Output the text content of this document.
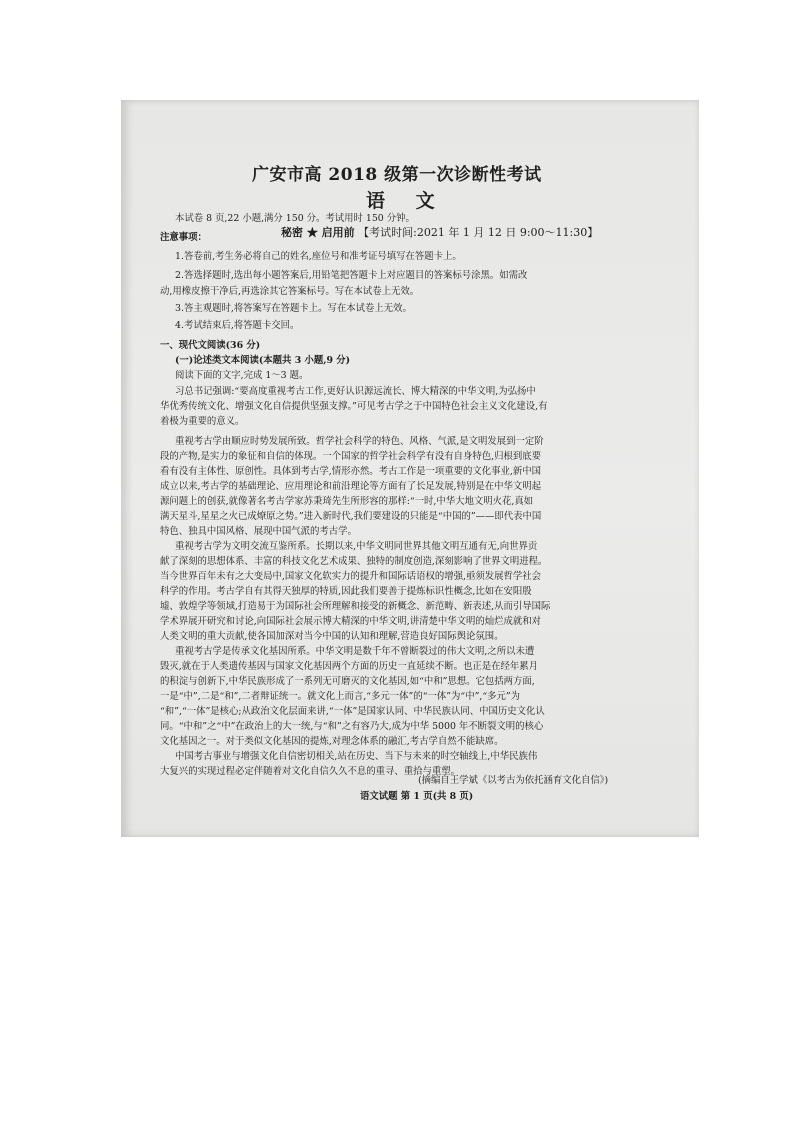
秘密 ★ 启用前 【考试时间:2021 年 1 月 12 日 9:00～11:30】
广安市高 2018 级第一次诊断性考试
语 文
本试卷 8 页,22 小题,满分 150 分。考试用时 150 分钟。
注意事项：
1.答卷前,考生务必将自己的姓名,座位号和准考证号填写在答题卡上。
2.答选择题时,选出每小题答案后,用铅笔把答题卡上对应题目的答案标号涂黑。如需改
动,用橡皮擦干净后,再选涂其它答案标号。写在本试卷上无效。
3.答主观题时,将答案写在答题卡上。写在本试卷上无效。
4.考试结束后,将答题卡交回。
一、现代文阅读(36 分)
(一)论述类文本阅读(本题共 3 小题,9 分)
阅读下面的文字,完成 1～3 题。
习总书记强调:“要高度重视考古工作,更好认识源远流长、博大精深的中华文明,为弘扬中
华优秀传统文化、增强文化自信提供坚强支撑。”可见考古学之于中国特色社会主义文化建设,有
着极为重要的意义。
重视考古学由顺应时势发展所致。哲学社会科学的特色、风格、气派,是文明发展到一定阶
段的产物,是实力的象征和自信的体现。一个国家的哲学社会科学有没有自身特色,归根到底要
看有没有主体性、原创性。具体到考古学,情形亦然。考古工作是一项重要的文化事业,新中国
成立以来,考古学的基础理论、应用理论和前沿理论等方面有了长足发展,特别是在中华文明起
源问题上的创获,就像著名考古学家苏秉琦先生所形容的那样:“一时,中华大地文明火花,真如
满天星斗,星星之火已成燎原之势。”进入新时代,我们要建设的只能是“中国的”——即代表中国
特色、独具中国风格、展现中国气派的考古学。
重视考古学为文明交流互鉴所系。长期以来,中华文明同世界其他文明互通有无,向世界贡
献了深刻的思想体系、丰富的科技文化艺术成果、独特的制度创造,深刻影响了世界文明进程。
当今世界百年未有之大变局中,国家文化软实力的提升和国际话语权的增强,亟须发展哲学社会
科学的作用。考古学自有其得天独厚的特质,因此我们要善于提炼标识性概念,比如在安阳殷
墟、敦煌学等领域,打造易于为国际社会所理解和接受的新概念、新范畴、新表述,从而引导国际
学术界展开研究和讨论,向国际社会展示博大精深的中华文明,讲清楚中华文明的灿烂成就和对
人类文明的重大贡献,使各国加深对当今中国的认知和理解,营造良好国际舆论氛围。
重视考古学是传承文化基因所系。中华文明是数千年不曾断裂过的伟大文明,之所以未遭
毁灭,就在于人类遗传基因与国家文化基因两个方面的历史一直延续不断。也正是在经年累月
的积淀与创新下,中华民族形成了一系列无可磨灭的文化基因,如“中和”思想。它包括两方面,
一是“中”,二是“和”,二者辩证统一。就文化上而言,“多元一体”的“一体”为“中”,“多元”为
“和”,“一体”是核心;从政治文化层面来讲,“一体”是国家认同、中华民族认同、中国历史文化认
同。“中和”之“中”在政治上的大一统,与“和”之有容乃大,成为中华 5000 年不断裂文明的核心
文化基因之一。对于类似文化基因的提炼,对理念体系的融汇,考古学自然不能缺席。
中国考古事业与增强文化自信密切相关,站在历史、当下与未来的时空轴线上,中华民族伟
大复兴的实现过程必定伴随着对文化自信久久不息的重寻、重拾与重塑。
(摘编自王学斌《以考古为依托涵育文化自信》)
语文试题 第 1 页(共 8 页)
